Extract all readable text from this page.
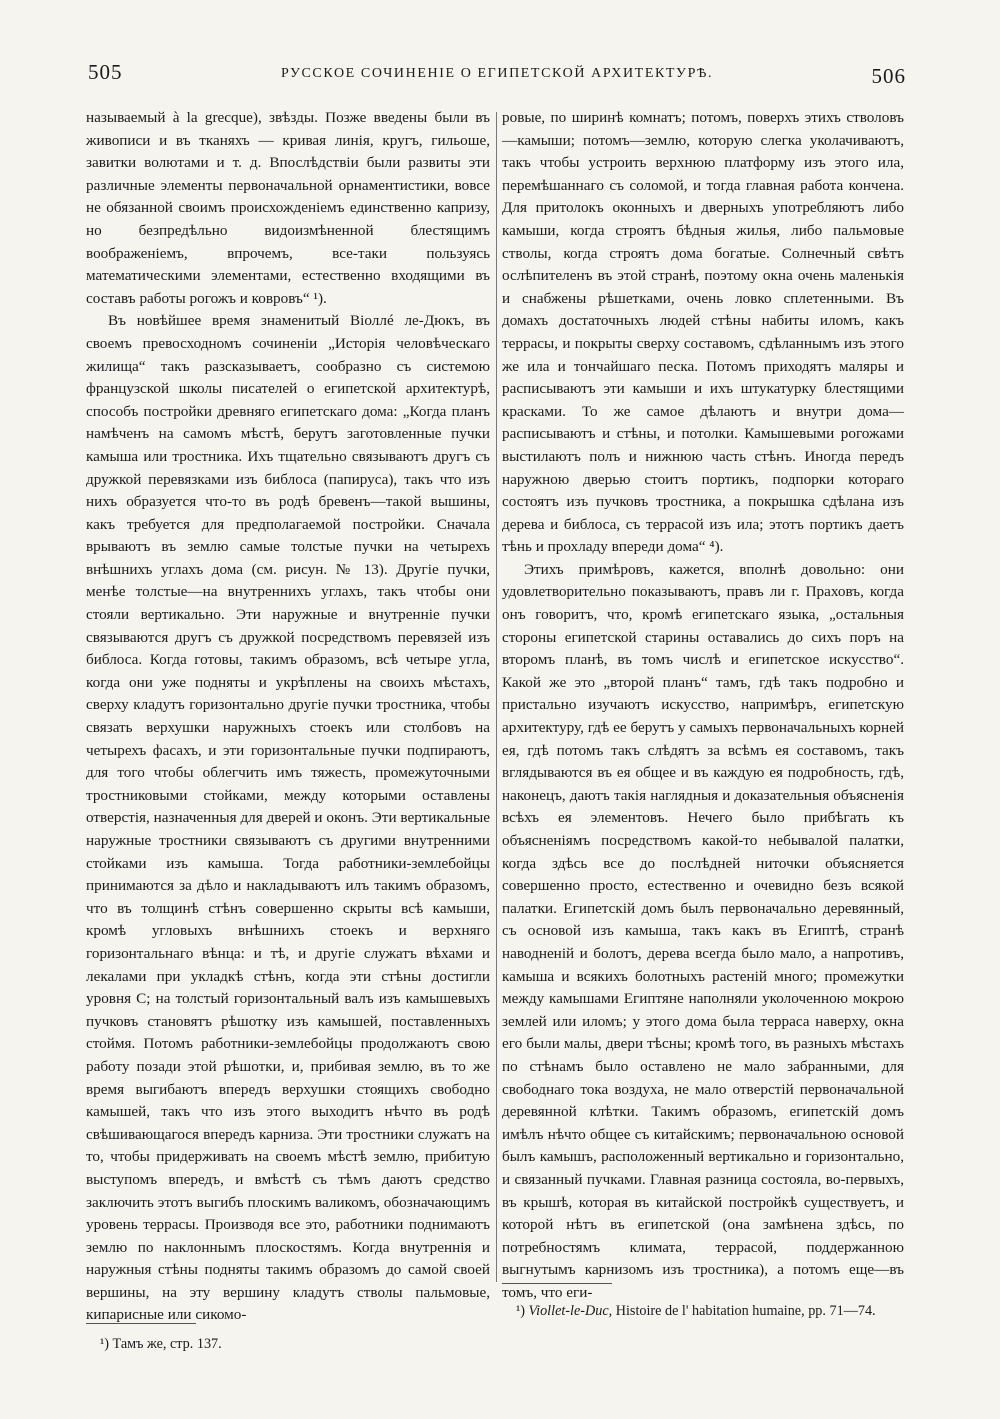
505	РУССКОЕ СОЧИНЕНІЕ О ЕГИПЕТСКОЙ АРХИТЕКТУРѢ.	506

называемый à la grecque), звѣзды. Позже введены были въ живописи и въ тканяхъ — кривая линія, кругъ, гильоше, завитки волютами и т. д. Впослѣдствіи были развиты эти различные элементы первоначальной орнаментистики, вовсе не обязанной своимъ происхожденіемъ единственно капризу, но безпредѣльно видоизмѣненной блестящимъ воображеніемъ, впрочемъ, все-таки пользуясь математическими элементами, естественно входящими въ составъ работы рогожъ и ковровъ“ ¹).

Въ новѣйшее время знаменитый Віоллé ле-Дюкъ, въ своемъ превосходномъ сочиненіи „Исторія человѣческаго жилища“ такъ разсказываетъ, сообразно съ системою французской школы писателей о египетской архитектурѣ, способъ постройки древняго египетскаго дома: „Когда планъ намѣченъ на самомъ мѣстѣ, берутъ заготовленные пучки камыша или тростника. Ихъ тщательно связываютъ другъ съ дружкой перевязками изъ библоса (папируса), такъ что изъ нихъ образуется что-то въ родѣ бревенъ—такой вышины, какъ требуется для предполагаемой постройки. Сначала врываютъ въ землю самые толстые пучки на четырехъ внѣшнихъ углахъ дома (см. рисун. № 13). Другіе пучки, менѣе толстые—на внутреннихъ углахъ, такъ чтобы они стояли вертикально. Эти наружные и внутренніе пучки связываются другъ съ дружкой посредствомъ перевязей изъ библоса. Когда готовы, такимъ образомъ, всѣ четыре угла, когда они уже подняты и укрѣплены на своихъ мѣстахъ, сверху кладутъ горизонтально другіе пучки тростника, чтобы связать верхушки наружныхъ стоекъ или столбовъ на четырехъ фасахъ, и эти горизонтальные пучки подпираютъ, для того чтобы облегчить имъ тяжесть, промежуточными тростниковыми стойками, между которыми оставлены отверстія, назначенныя для дверей и оконъ. Эти вертикальные наружные тростники связываютъ съ другими внутренними стойками изъ камыша. Тогда работники-землебойцы принимаются за дѣло и накладываютъ илъ такимъ образомъ, что въ толщинѣ стѣнъ совершенно скрыты всѣ камыши, кромѣ угловыхъ внѣшнихъ стоекъ и верхняго горизонтальнаго вѣнца: и тѣ, и другіе служатъ вѣхами и лекалами при укладкѣ стѣнъ, когда эти стѣны достигли уровня С; на толстый горизонтальный валъ изъ камышевыхъ пучковъ становятъ рѣшотку изъ камышей, поставленныхъ стоймя. Потомъ работники-землебойцы продолжаютъ свою работу позади этой рѣшотки, и, прибивая землю, въ то же время выгибаютъ впередъ верхушки стоящихъ свободно камышей, такъ что изъ этого выходитъ нѣчто въ родѣ свѣшивающагося впередъ карниза. Эти тростники служатъ на то, чтобы придерживать на своемъ мѣстѣ землю, прибитую выступомъ впередъ, и вмѣстѣ съ тѣмъ даютъ средство заключить этотъ выгибъ плоскимъ валикомъ, обозначающимъ уровень террасы. Производя все это, работники поднимаютъ землю по наклоннымъ плоскостямъ. Когда внутреннія и наружныя стѣны подняты такимъ образомъ до самой своей вершины, на эту вершину кладутъ стволы пальмовые, кипарисные или сикомо-

ровые, по ширинѣ комнатъ; потомъ, поверхъ этихъ стволовъ—камыши; потомъ—землю, которую слегка уколачиваютъ, такъ чтобы устроить верхнюю платформу изъ этого ила, перемѣшаннаго съ соломой, и тогда главная работа кончена. Для притолокъ оконныхъ и дверныхъ употребляютъ либо камыши, когда строятъ бѣдныя жилья, либо пальмовые стволы, когда строятъ дома богатые. Солнечный свѣтъ ослѣпителенъ въ этой странѣ, поэтому окна очень маленькія и снабжены рѣшетками, очень ловко сплетенными. Въ домахъ достаточныхъ людей стѣны набиты иломъ, какъ террасы, и покрыты сверху составомъ, сдѣланнымъ изъ этого же ила и тончайшаго песка. Потомъ приходятъ маляры и расписываютъ эти камыши и ихъ штукатурку блестящими красками. То же самое дѣлаютъ и внутри дома—расписываютъ и стѣны, и потолки. Камышевыми рогожами выстилаютъ полъ и нижнюю часть стѣнъ. Иногда передъ наружною дверью стоитъ портикъ, подпорки котораго состоятъ изъ пучковъ тростника, а покрышка сдѣлана изъ дерева и библоса, съ террасой изъ ила; этотъ портикъ даетъ тѣнь и прохладу впереди дома“ ⁴).

Этихъ примѣровъ, кажется, вполнѣ довольно: они удовлетворительно показываютъ, правъ ли г. Праховъ, когда онъ говоритъ, что, кромѣ египетскаго языка, „остальныя стороны египетской старины оставались до сихъ поръ на второмъ планѣ, въ томъ числѣ и египетское искусство“. Какой же это „второй планъ“ тамъ, гдѣ такъ подробно и пристально изучаютъ искусство, напримѣръ, египетскую архитектуру, гдѣ ее берутъ у самыхъ первоначальныхъ корней ея, гдѣ потомъ такъ слѣдятъ за всѣмъ ея составомъ, такъ вглядываются въ ея общее и въ каждую ея подробность, гдѣ, наконецъ, даютъ такія наглядныя и доказательныя объясненія всѣхъ ея элементовъ. Нечего было прибѣгать къ объясненіямъ посредствомъ какой-то небывалой палатки, когда здѣсь все до послѣдней ниточки объясняется совершенно просто, естественно и очевидно безъ всякой палатки. Египетскій домъ былъ первоначально деревянный, съ основой изъ камыша, такъ какъ въ Египтѣ, странѣ наводненій и болотъ, дерева всегда было мало, а напротивъ, камыша и всякихъ болотныхъ растеній много; промежутки между камышами Египтяне наполняли уколоченною мокрою землей или иломъ; у этого дома была терраса наверху, окна его были малы, двери тѣсны; кромѣ того, въ разныхъ мѣстахъ по стѣнамъ было оставлено не мало забранными, для свободнаго тока воздуха, не мало отверстій первоначальной деревянной клѣтки. Такимъ образомъ, египетскій домъ имѣлъ нѣчто общее съ китайскимъ; первоначальною основой былъ камышъ, расположенный вертикально и горизонтально, и связанный пучками. Главная разница состояла, во-первыхъ, въ крышѣ, которая въ китайской постройкѣ существуетъ, и которой нѣтъ въ египетской (она замѣнена здѣсь, по потребностямъ климата, террасой, поддержанною выгнутымъ карнизомъ изъ тростника), а потомъ еще—въ томъ, что еги-

¹) Viollet-le-Duc, Histoire de l' habitation humaine, pp. 71—74.
¹) Тамъ же, стр. 137.
